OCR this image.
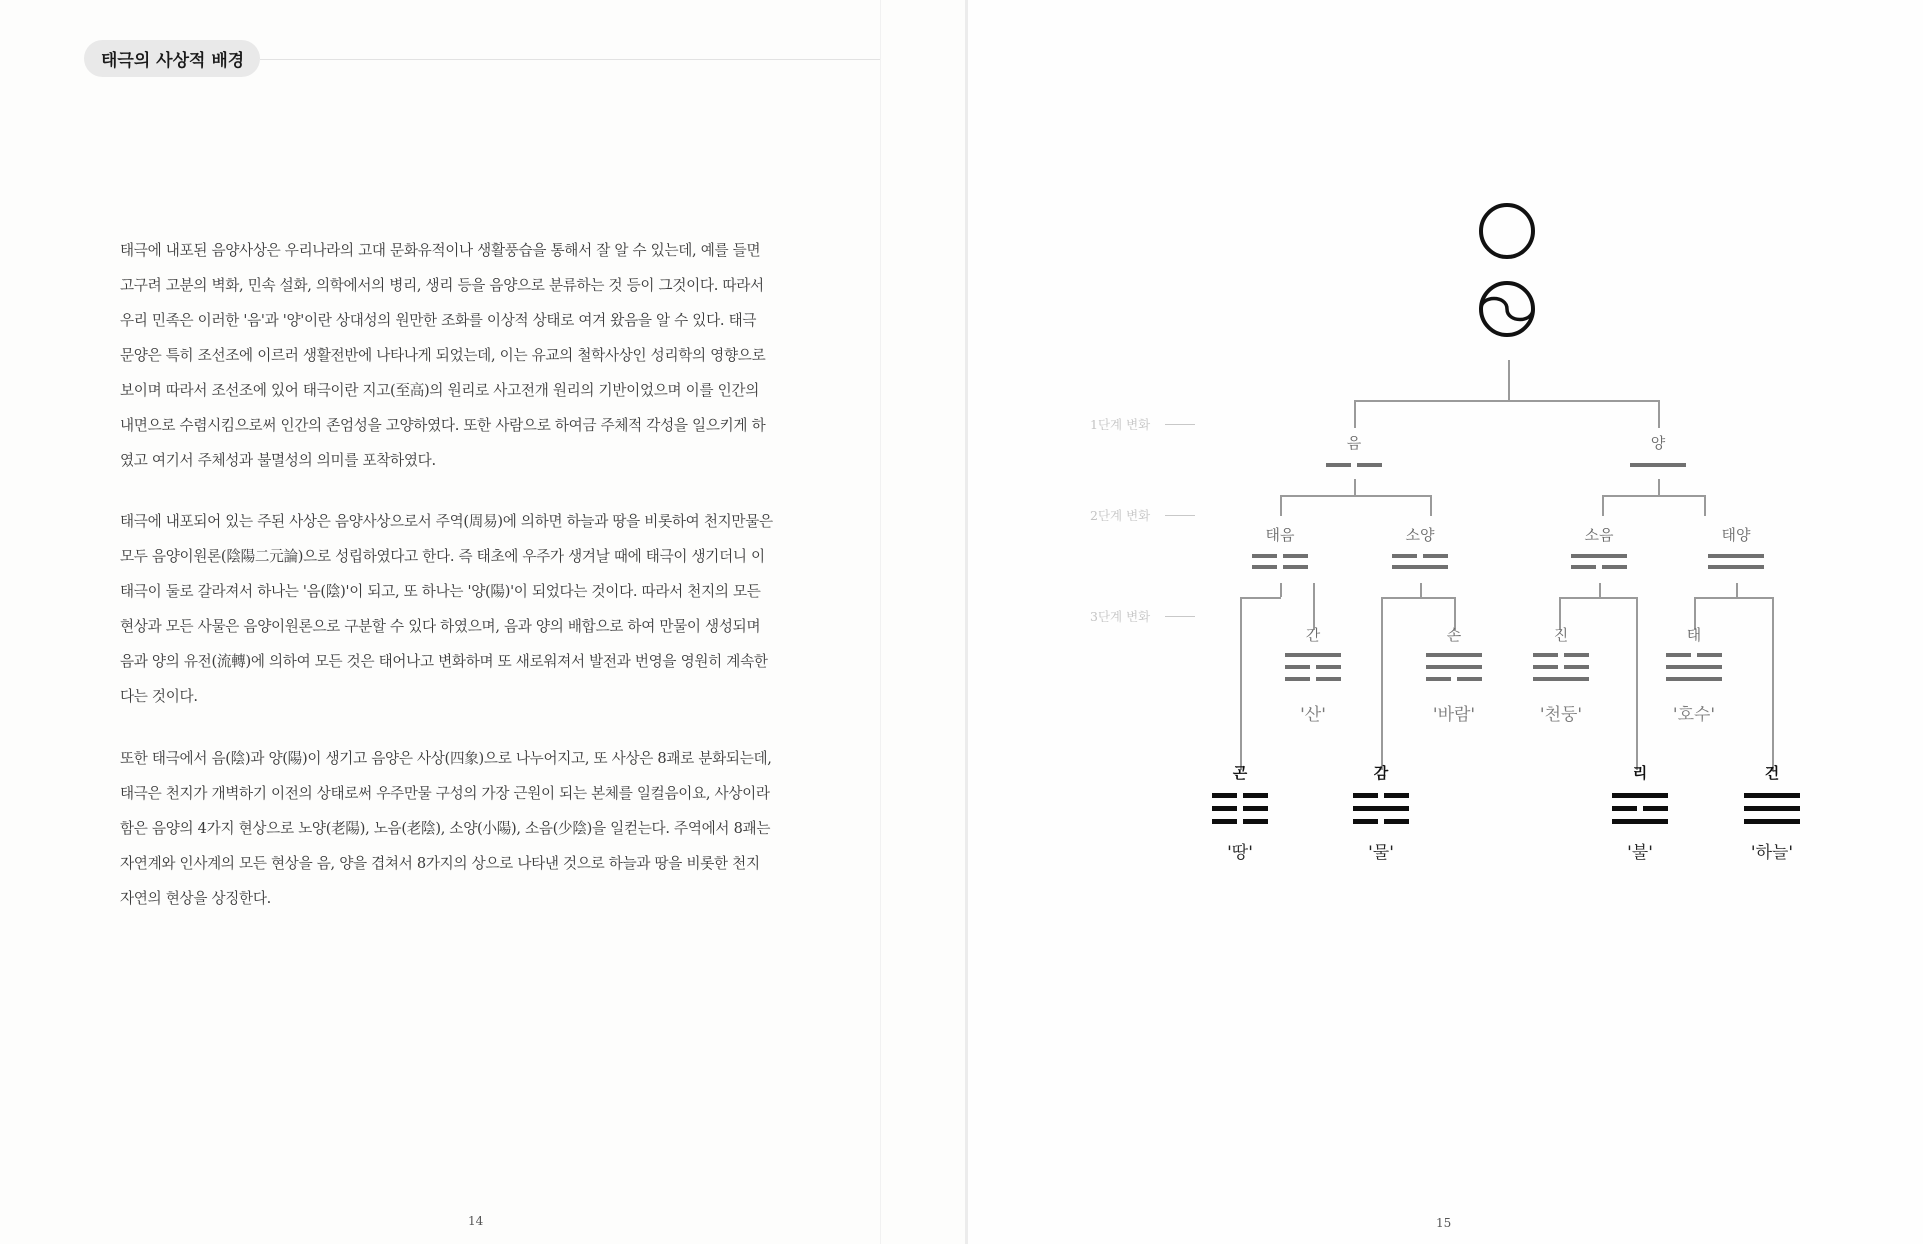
태극의 사상적 배경

태극에 내포된 음양사상은 우리나라의 고대 문화유적이나 생활풍습을 통해서 잘 알 수 있는데, 예를 들면
고구려 고분의 벽화, 민속 설화, 의학에서의 병리, 생리 등을 음양으로 분류하는 것 등이 그것이다. 따라서
우리 민족은 이러한 '음'과 '양'이란 상대성의 원만한 조화를 이상적 상태로 여겨 왔음을 알 수 있다. 태극
문양은 특히 조선조에 이르러 생활전반에 나타나게 되었는데, 이는 유교의 철학사상인 성리학의 영향으로
보이며 따라서 조선조에 있어 태극이란 지고(至高)의 원리로 사고전개 원리의 기반이었으며 이를 인간의
내면으로 수렴시킴으로써 인간의 존엄성을 고양하였다. 또한 사람으로 하여금 주체적 각성을 일으키게 하
였고 여기서 주체성과 불멸성의 의미를 포착하였다.

태극에 내포되어 있는 주된 사상은 음양사상으로서 주역(周易)에 의하면 하늘과 땅을 비롯하여 천지만물은
모두 음양이원론(陰陽二元論)으로 성립하였다고 한다. 즉 태초에 우주가 생겨날 때에 태극이 생기더니 이
태극이 둘로 갈라져서 하나는 '음(陰)'이 되고, 또 하나는 '양(陽)'이 되었다는 것이다. 따라서 천지의 모든
현상과 모든 사물은 음양이원론으로 구분할 수 있다 하였으며, 음과 양의 배합으로 하여 만물이 생성되며
음과 양의 유전(流轉)에 의하여 모든 것은 태어나고 변화하며 또 새로워져서 발전과 번영을 영원히 계속한
다는 것이다.

또한 태극에서 음(陰)과 양(陽)이 생기고 음양은 사상(四象)으로 나누어지고, 또 사상은 8괘로 분화되는데,
태극은 천지가 개벽하기 이전의 상태로써 우주만물 구성의 가장 근원이 되는 본체를 일컬음이요, 사상이라
함은 음양의 4가지 현상으로 노양(老陽), 노음(老陰), 소양(小陽), 소음(少陰)을 일컫는다. 주역에서 8괘는
자연계와 인사계의 모든 현상을 음, 양을 겹쳐서 8가지의 상으로 나타낸 것으로 하늘과 땅을 비롯한 천지
자연의 현상을 상징한다.

14
1단계 변화
2단계 변화
3단계 변화
음	양
태음	소양	소음	태양
간
'산'
손
'바람'
진
'천둥'
태
'호수'
곤
'땅'
감
'물'
리
'불'
건
'하늘'
15
